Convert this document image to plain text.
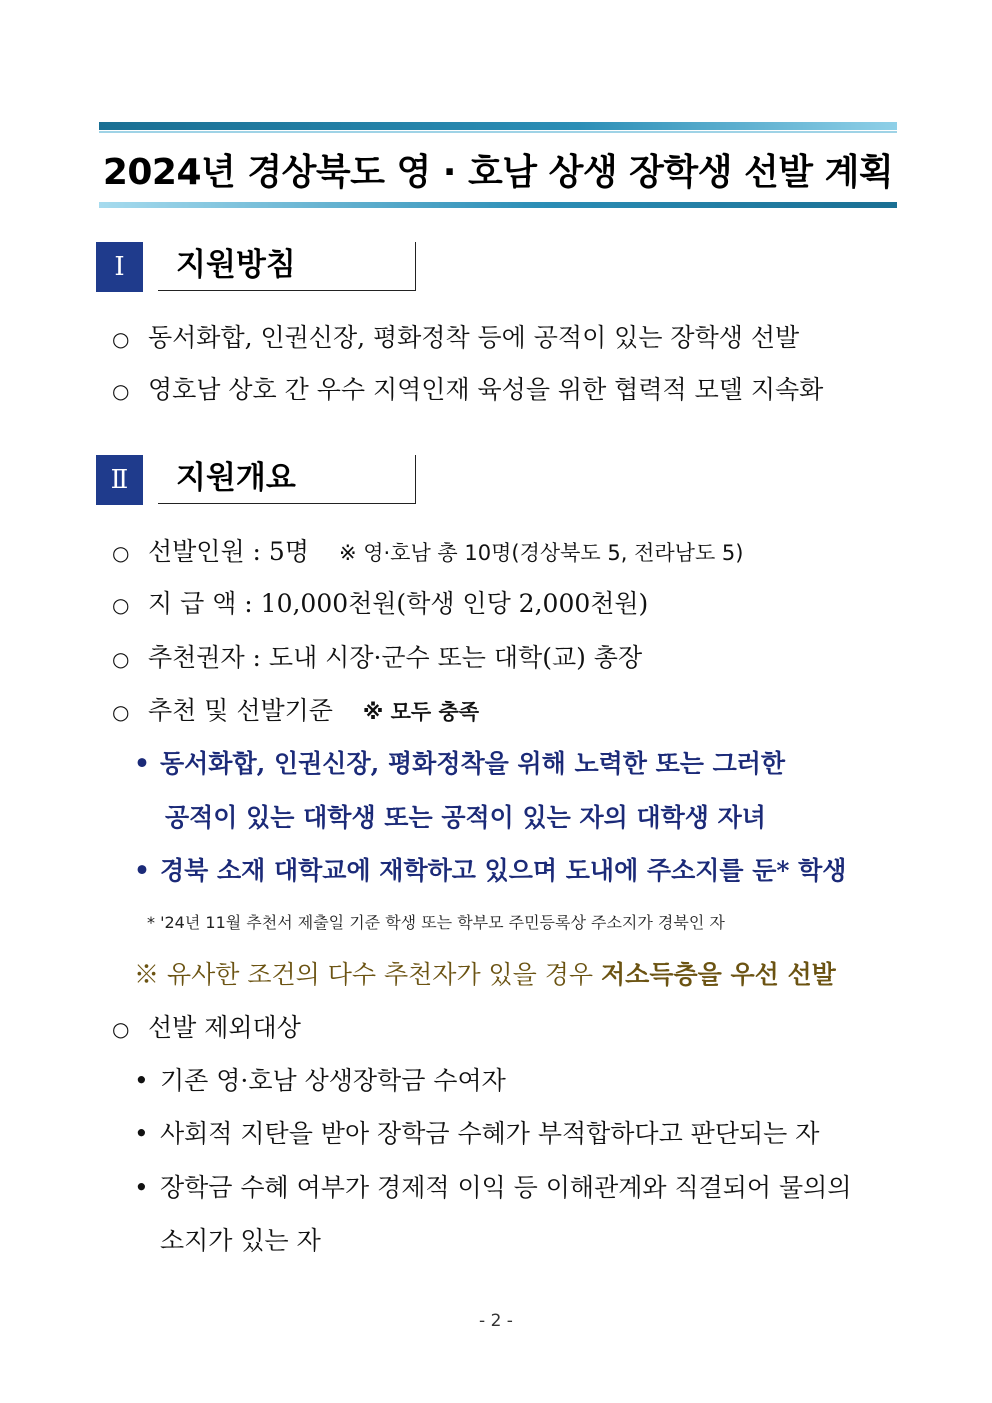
2024년 경상북도 영 · 호남 상생 장학생 선발 계획
Ⅰ	지원방침
○ 동서화합, 인권신장, 평화정착 등에 공적이 있는 장학생 선발
○ 영호남 상호 간 우수 지역인재 육성을 위한 협력적 모델 지속화
Ⅱ	지원개요
○ 선발인원 : 5명 ※ 영·호남 총 10명(경상북도 5, 전라남도 5)
○ 지 급 액 : 10,000천원(학생 인당 2,000천원)
○ 추천권자 : 도내 시장·군수 또는 대학(교) 총장
○ 추천 및 선발기준 ※ 모두 충족
• 동서화합, 인권신장, 평화정착을 위해 노력한 또는 그러한
공적이 있는 대학생 또는 공적이 있는 자의 대학생 자녀
• 경북 소재 대학교에 재학하고 있으며 도내에 주소지를 둔* 학생
* '24년 11월 추천서 제출일 기준 학생 또는 학부모 주민등록상 주소지가 경북인 자
※ 유사한 조건의 다수 추천자가 있을 경우 저소득층을 우선 선발
○ 선발 제외대상
• 기존 영·호남 상생장학금 수여자
• 사회적 지탄을 받아 장학금 수혜가 부적합하다고 판단되는 자
• 장학금 수혜 여부가 경제적 이익 등 이해관계와 직결되어 물의의
소지가 있는 자
- 2 -
